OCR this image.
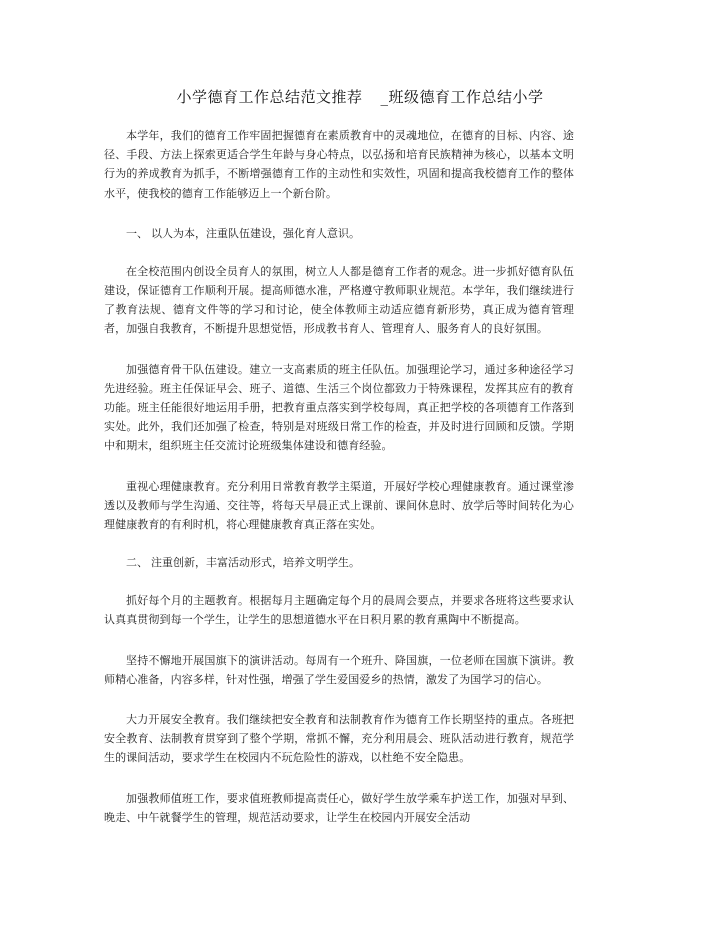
小学德育工作总结范文推荐 _班级德育工作总结小学

本学年，我们的德育工作牢固把握德育在素质教育中的灵魂地位，在德育的目标、内容、途径、手段、方法上探索更适合学生年龄与身心特点，以弘扬和培育民族精神为核心，以基本文明行为的养成教育为抓手，不断增强德育工作的主动性和实效性，巩固和提高我校德育工作的整体水平，使我校的德育工作能够迈上一个新台阶。

一、 以人为本，注重队伍建设，强化育人意识。

在全校范围内创设全员育人的氛围，树立人人都是德育工作者的观念。进一步抓好德育队伍建设，保证德育工作顺利开展。提高师德水准，严格遵守教师职业规范。本学年，我们继续进行了教育法规、德育文件等的学习和讨论，使全体教师主动适应德育新形势，真正成为德育管理者，加强自我教育，不断提升思想觉悟，形成教书育人、管理育人、服务育人的良好氛围。

加强德育骨干队伍建设。建立一支高素质的班主任队伍。加强理论学习，通过多种途径学习先进经验。班主任保证早会、班子、道德、生活三个岗位都致力于特殊课程，发挥其应有的教育功能。班主任能很好地运用手册，把教育重点落实到学校每周，真正把学校的各项德育工作落到实处。此外，我们还加强了检查，特别是对班级日常工作的检查，并及时进行回顾和反馈。学期中和期末，组织班主任交流讨论班级集体建设和德育经验。

重视心理健康教育。充分利用日常教育教学主渠道，开展好学校心理健康教育。通过课堂渗透以及教师与学生沟通、交往等，将每天早晨正式上课前、课间休息时、放学后等时间转化为心理健康教育的有利时机，将心理健康教育真正落在实处。

二、 注重创新，丰富活动形式，培养文明学生。

抓好每个月的主题教育。根据每月主题确定每个月的晨周会要点，并要求各班将这些要求认认真真贯彻到每一个学生，让学生的思想道德水平在日积月累的教育熏陶中不断提高。

坚持不懈地开展国旗下的演讲活动。每周有一个班升、降国旗，一位老师在国旗下演讲。教师精心准备，内容多样，针对性强，增强了学生爱国爱乡的热情，激发了为国学习的信心。

大力开展安全教育。我们继续把安全教育和法制教育作为德育工作长期坚持的重点。各班把安全教育、法制教育贯穿到了整个学期，常抓不懈，充分利用晨会、班队活动进行教育，规范学生的课间活动，要求学生在校园内不玩危险性的游戏，以杜绝不安全隐患。

加强教师值班工作，要求值班教师提高责任心，做好学生放学乘车护送工作，加强对早到、晚走、中午就餐学生的管理，规范活动要求，让学生在校园内开展安全活动
